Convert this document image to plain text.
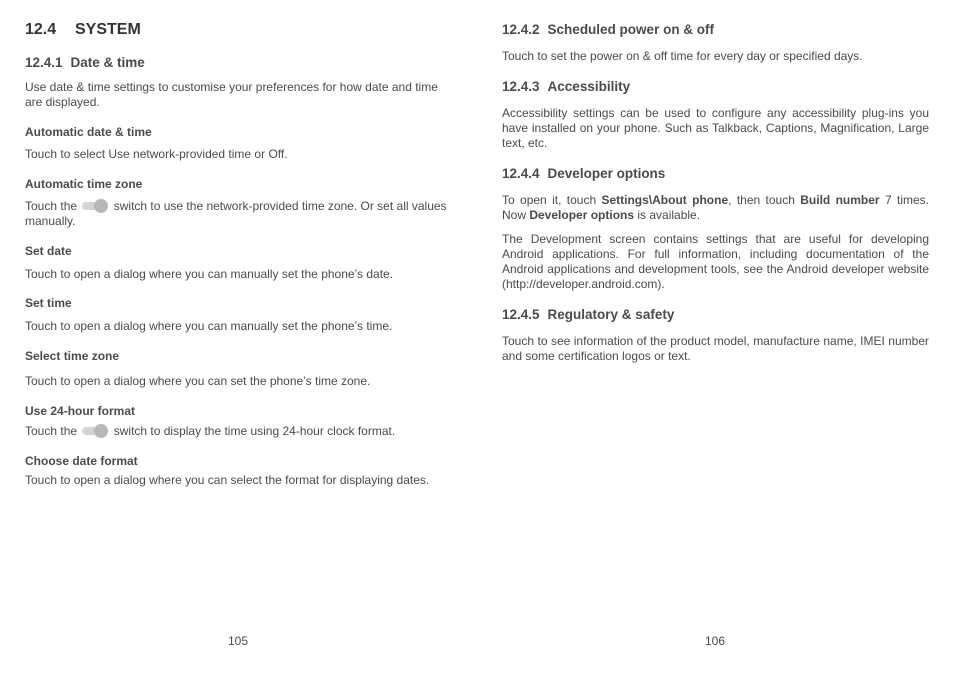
12.4 SYSTEM
12.4.1 Date & time
Use date & time settings to customise your preferences for how date and time are displayed.
Automatic date & time
Touch to select Use network-provided time or Off.
Automatic time zone
Touch the	switch to use the network-provided time zone. Or set all values manually.
Set date
Touch to open a dialog where you can manually set the phone’s date.
Set time
Touch to open a dialog where you can manually set the phone’s time.
Select time zone
Touch to open a dialog where you can set the phone’s time zone.
Use 24-hour format
Touch the	switch to display the time using 24-hour clock format.
Choose date format
Touch to open a dialog where you can select the format for displaying dates.
105
12.4.2 Scheduled power on & off
Touch to set the power on & off time for every day or specified days.
12.4.3 Accessibility
Accessibility settings can be used to configure any accessibility plug-ins you have installed on your phone. Such as Talkback, Captions, Magnification, Large text, etc.
12.4.4 Developer options
To open it, touch Settings\About phone, then touch Build number 7 times. Now Developer options is available.
The Development screen contains settings that are useful for developing Android applications. For full information, including documentation of the Android applications and development tools, see the Android developer website (http://developer.android.com).
12.4.5 Regulatory & safety
Touch to see information of the product model, manufacture name, IMEI number and some certification logos or text.
106
